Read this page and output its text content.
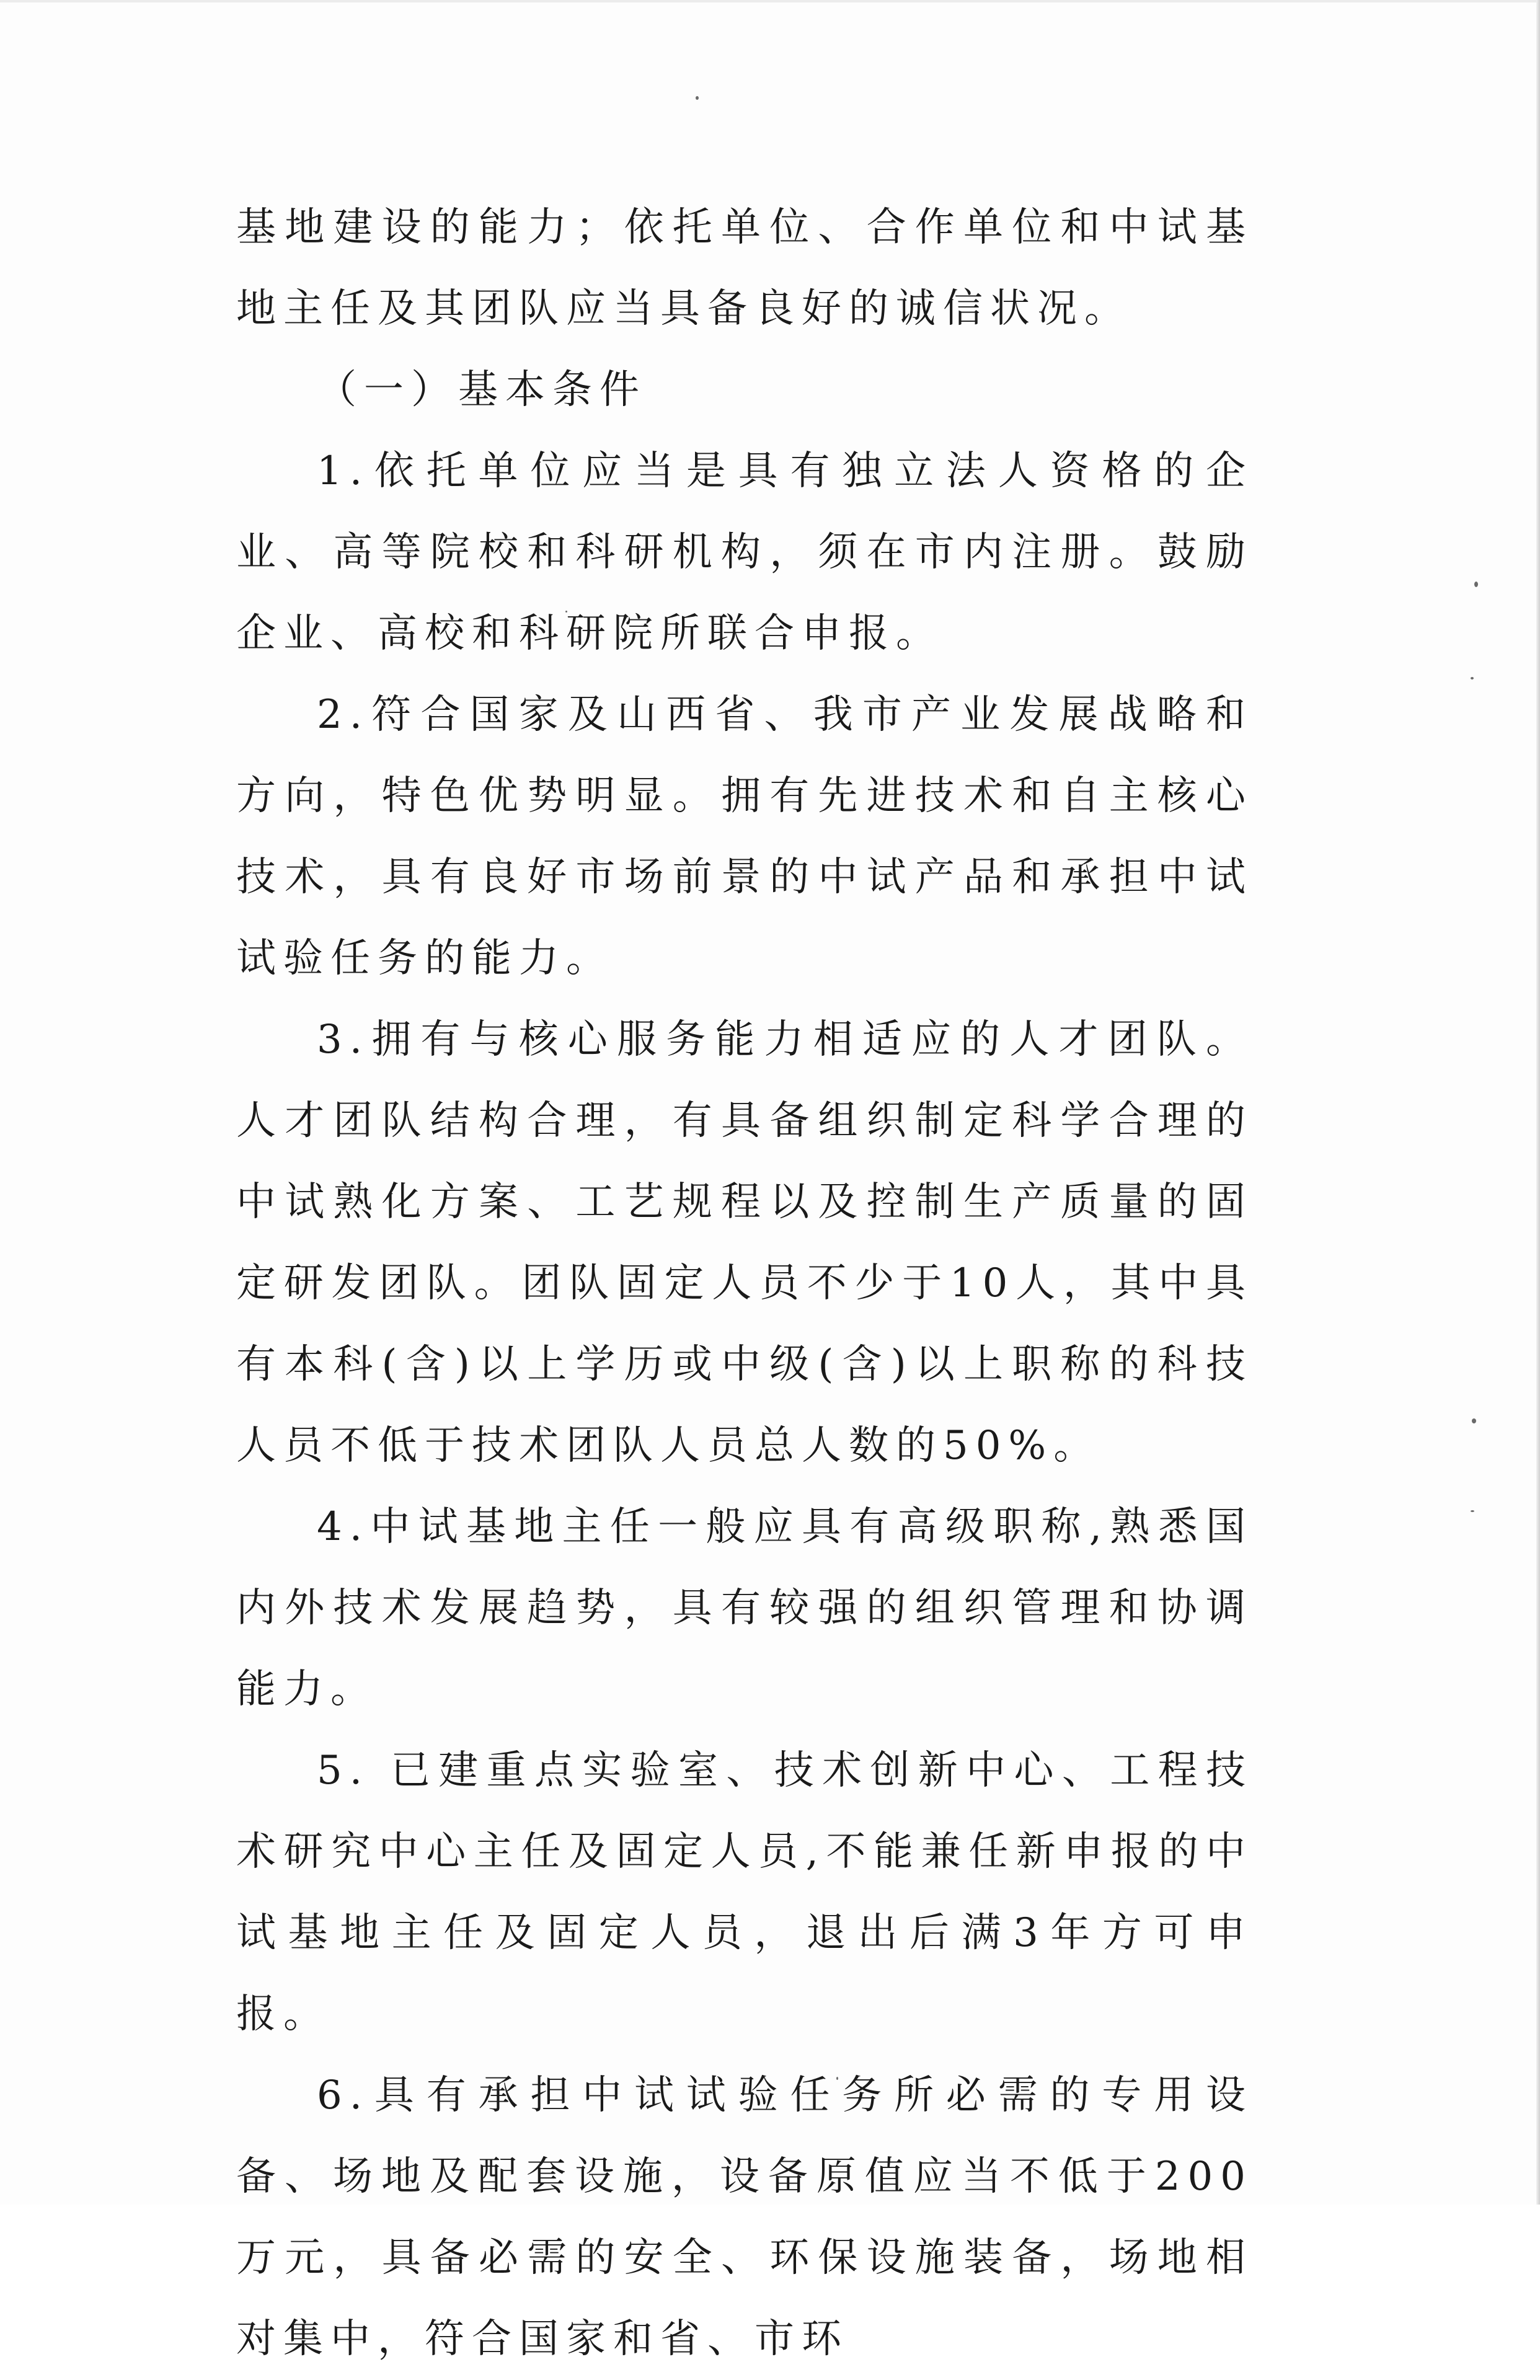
基地建设的能力；依托单位、合作单位和中试基地主任及其团队应当具备良好的诚信状况。

（一）基本条件

1.依托单位应当是具有独立法人资格的企业、高等院校和科研机构，须在市内注册。鼓励企业、高校和科研院所联合申报。

2.符合国家及山西省、我市产业发展战略和方向，特色优势明显。拥有先进技术和自主核心技术，具有良好市场前景的中试产品和承担中试试验任务的能力。

3.拥有与核心服务能力相适应的人才团队。人才团队结构合理，有具备组织制定科学合理的中试熟化方案、工艺规程以及控制生产质量的固定研发团队。团队固定人员不少于10人，其中具有本科(含)以上学历或中级(含)以上职称的科技人员不低于技术团队人员总人数的50%。

4.中试基地主任一般应具有高级职称,熟悉国内外技术发展趋势，具有较强的组织管理和协调能力。

5. 已建重点实验室、技术创新中心、工程技术研究中心主任及固定人员,不能兼任新申报的中试基地主任及固定人员，退出后满3年方可申报。

6.具有承担中试试验任务所必需的专用设备、场地及配套设施，设备原值应当不低于200万元，具备必需的安全、环保设施装备，场地相对集中，符合国家和省、市环
